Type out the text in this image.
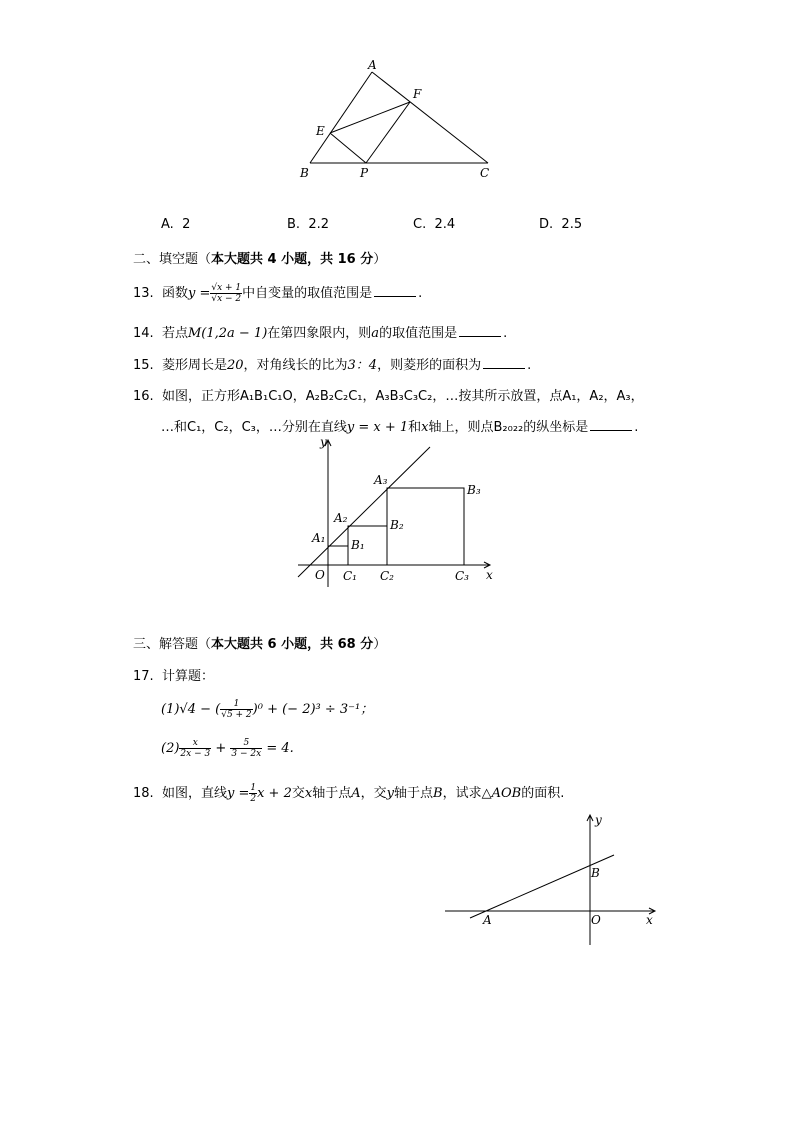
A
B	C
E
F
P
A. 2	B. 2.2	C. 2.4	D. 2.5
二、填空题（本大题共 4 小题，共 16 分）
13. 函数$y = \frac{√x + 1}{√x - 2}$ 中自变量的取值范围是	.
14. 若点M(1,2a − 1)在第四象限内，则a的取值范围是	.
15. 菱形周长是20，对角线长的比为3：4，则菱形的面积为	.
16. 如图，正方形A₁B₁C₁O，A₂B₂C₂C₁，A₃B₃C₃C₂，…按其所示放置，点A₁，A₂，A₃，
…和C₁，C₂，C₃，…分别在直线y = x + 1和x轴上，则点B₂₀₂₂的纵坐标是	.
y
x
O
A₁
A₂
A₃
B₁
B₂
B₃
C₁ C₂	C₃
三、解答题（本大题共 6 小题，共 68 分）
17. 计算题：
(1)√4 − ( $\frac{1}{√5 + 2} )^0$ + (− 2)³ ÷ 3⁻¹；
$(2) \frac{x}{2x - 3} + \frac{5}{3 - 2x} = 4$.
18. 如图，直线$y = \frac{1}{2}$ x + 2交x轴于点A，交y轴于点B，试求△AOB的面积.
y
x
O
A
B
